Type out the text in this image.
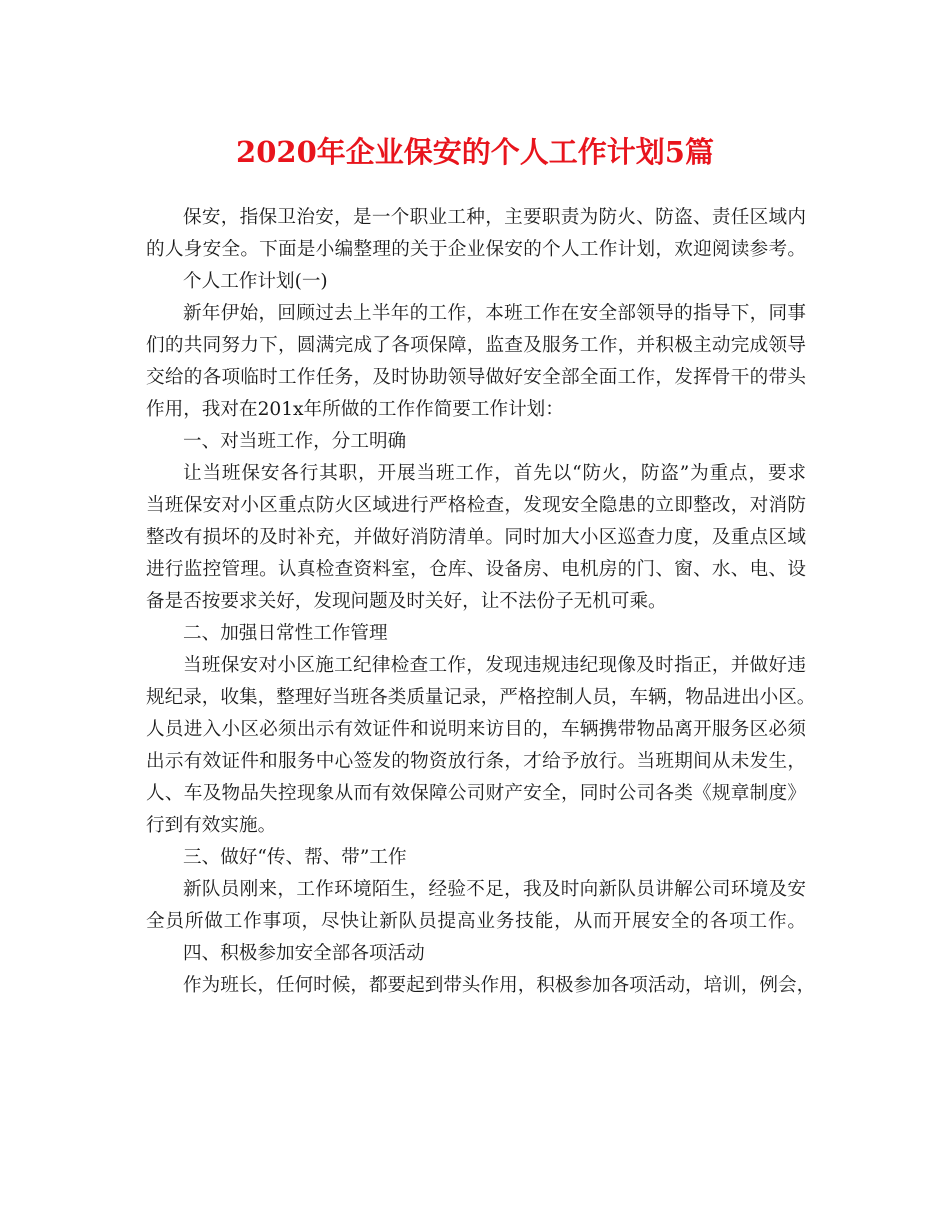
2020年企业保安的个人工作计划5篇
保安，指保卫治安，是一个职业工种，主要职责为防火、防盗、责任区域内
的人身安全。下面是小编整理的关于企业保安的个人工作计划，欢迎阅读参考。
个人工作计划(一)
新年伊始，回顾过去上半年的工作，本班工作在安全部领导的指导下，同事
们的共同努力下，圆满完成了各项保障，监查及服务工作，并积极主动完成领导
交给的各项临时工作任务，及时协助领导做好安全部全面工作，发挥骨干的带头
作用，我对在201x年所做的工作作简要工作计划：
一、对当班工作，分工明确
让当班保安各行其职，开展当班工作，首先以“防火，防盗”为重点，要求
当班保安对小区重点防火区域进行严格检查，发现安全隐患的立即整改，对消防
整改有损坏的及时补充，并做好消防清单。同时加大小区巡查力度，及重点区域
进行监控管理。认真检查资料室，仓库、设备房、电机房的门、窗、水、电、设
备是否按要求关好，发现问题及时关好，让不法份子无机可乘。
二、加强日常性工作管理
当班保安对小区施工纪律检查工作，发现违规违纪现像及时指正，并做好违
规纪录，收集，整理好当班各类质量记录，严格控制人员，车辆，物品进出小区。
人员进入小区必须出示有效证件和说明来访目的，车辆携带物品离开服务区必须
出示有效证件和服务中心签发的物资放行条，才给予放行。当班期间从未发生，
人、车及物品失控现象从而有效保障公司财产安全，同时公司各类《规章制度》
行到有效实施。
三、做好“传、帮、带”工作
新队员刚来，工作环境陌生，经验不足，我及时向新队员讲解公司环境及安
全员所做工作事项，尽快让新队员提高业务技能，从而开展安全的各项工作。
四、积极参加安全部各项活动
作为班长，任何时候，都要起到带头作用，积极参加各项活动，培训，例会，
